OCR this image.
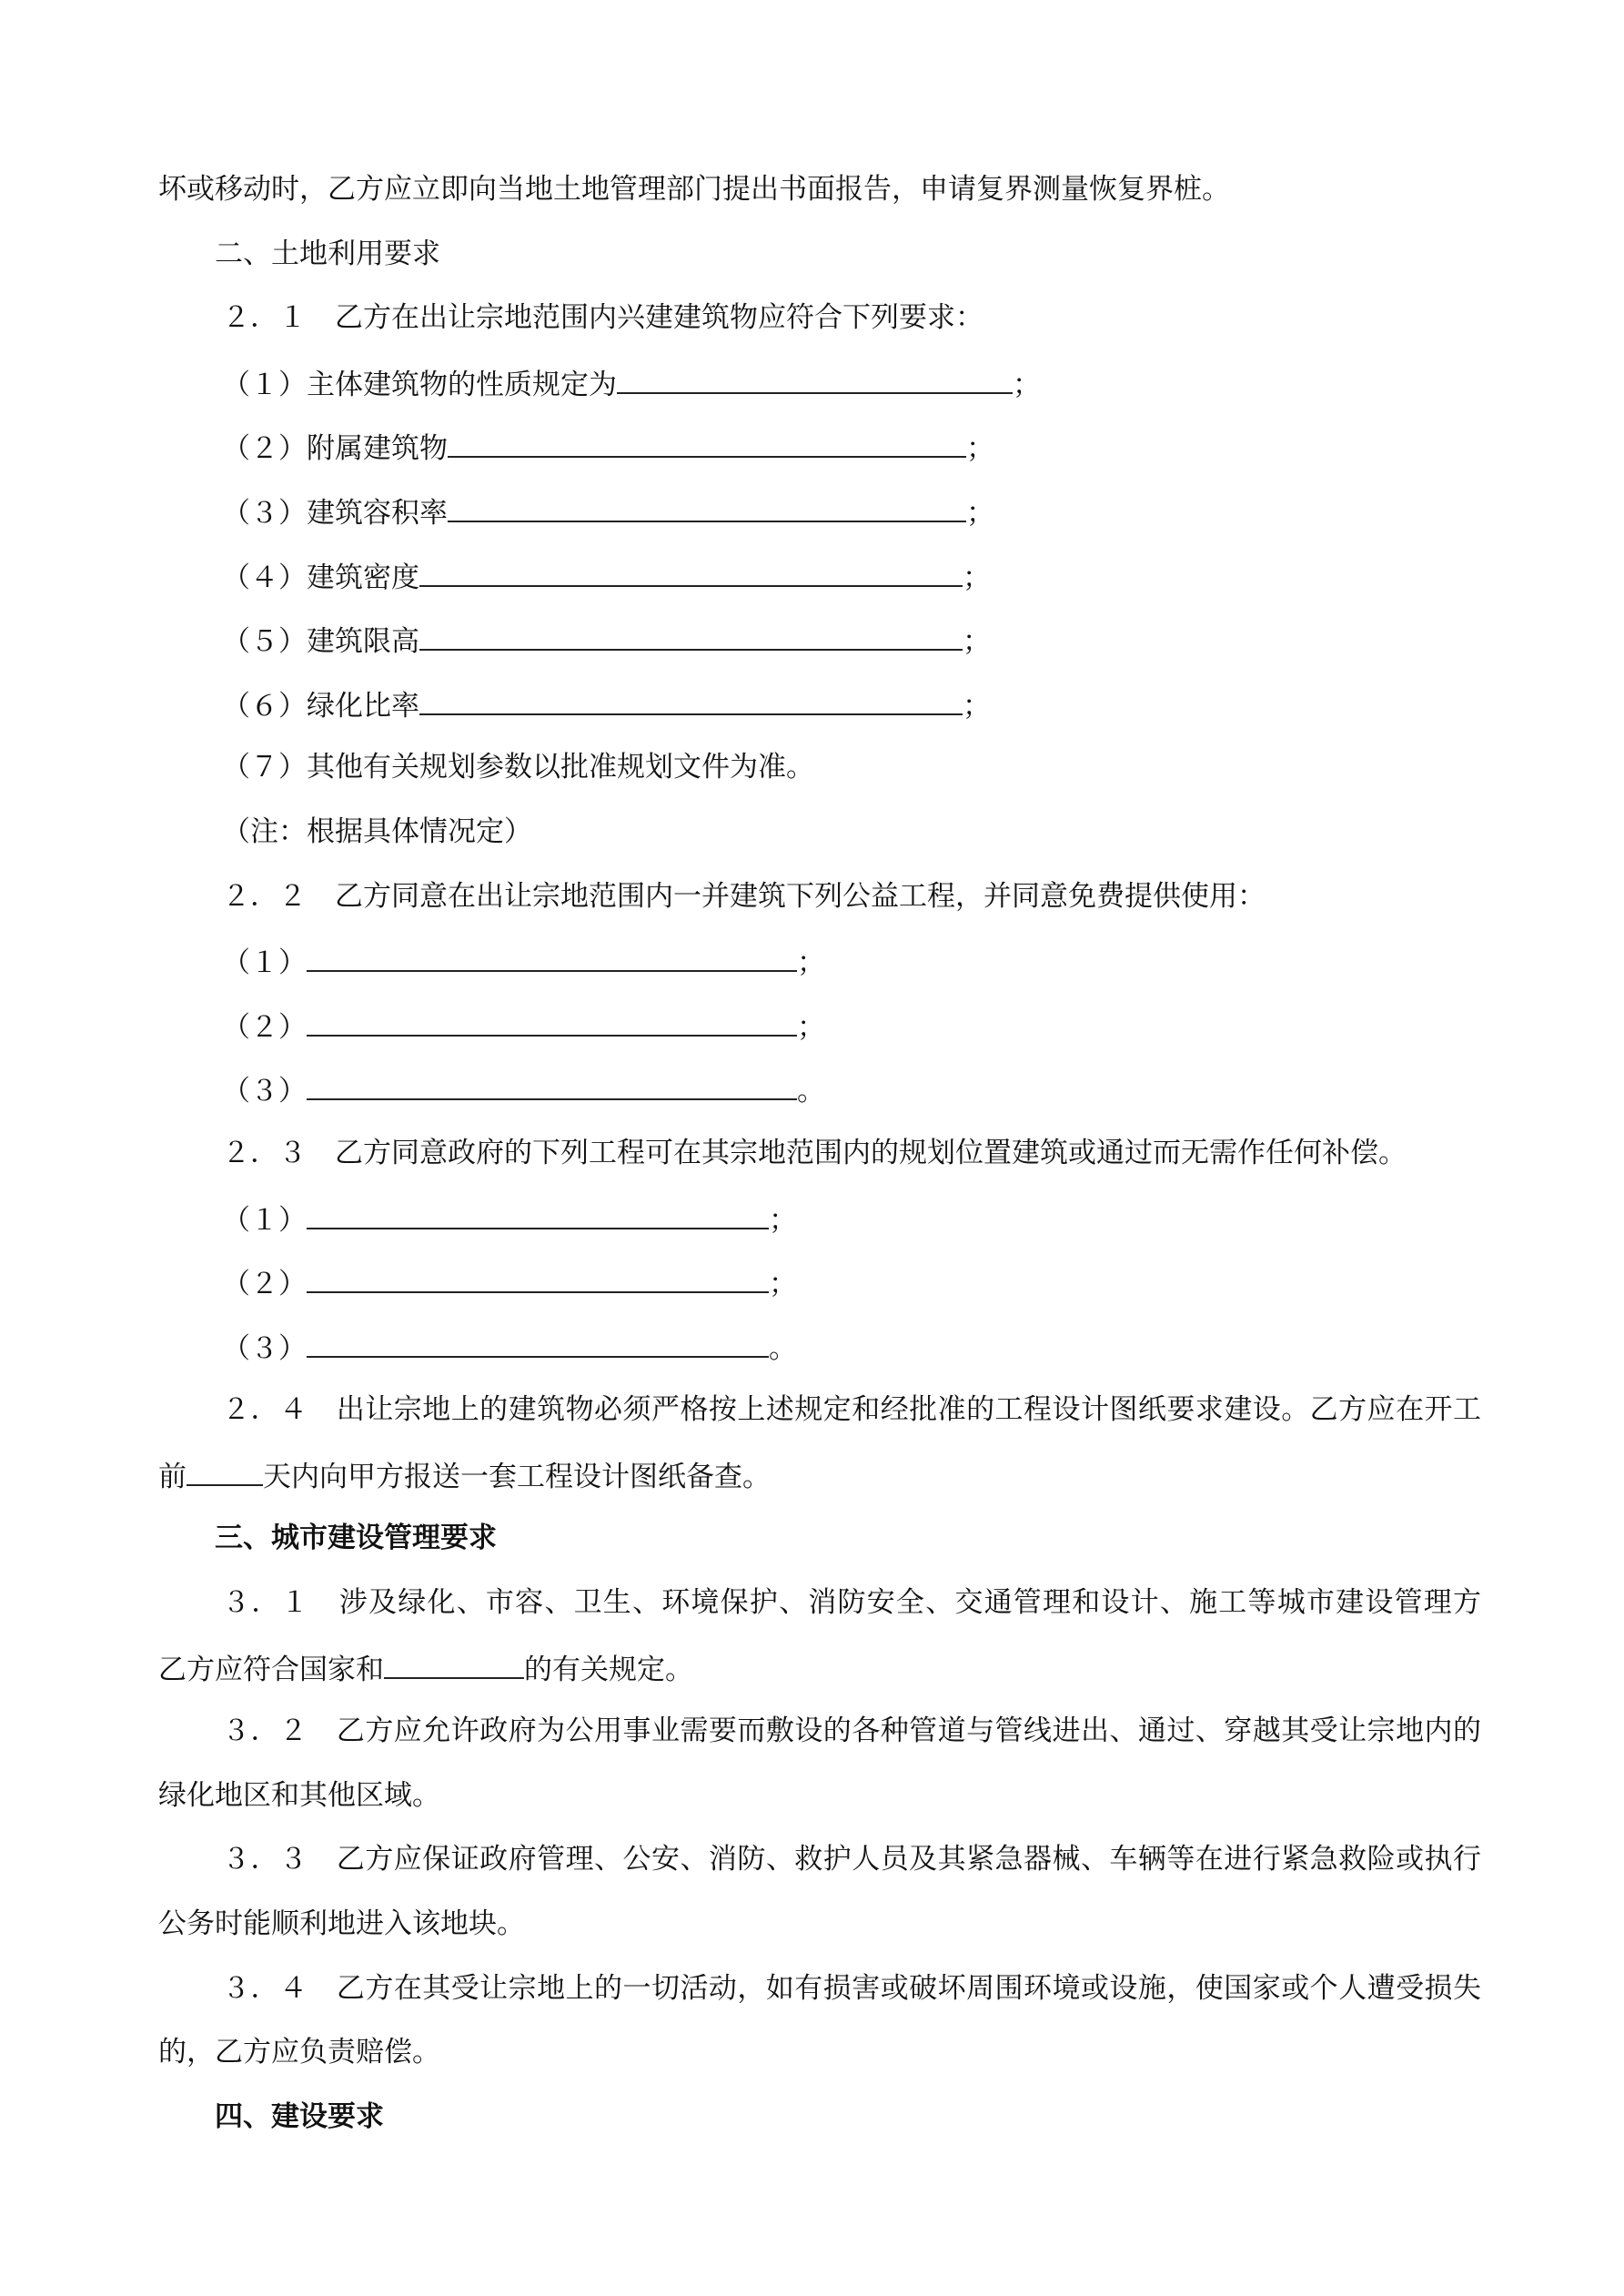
坏或移动时，乙方应立即向当地土地管理部门提出书面报告，申请复界测量恢复界桩。
二、土地利用要求
２．１　乙方在出让宗地范围内兴建建筑物应符合下列要求：
（１）主体建筑物的性质规定为	；
（２）附属建筑物	；
（３）建筑容积率	；
（４）建筑密度	；
（５）建筑限高	；
（６）绿化比率	；
（７）其他有关规划参数以批准规划文件为准。
（注：根据具体情况定）
２．２　乙方同意在出让宗地范围内一并建筑下列公益工程，并同意免费提供使用：
（１）	；
（２）	；
（３）	。
２．３　乙方同意政府的下列工程可在其宗地范围内的规划位置建筑或通过而无需作任何补偿。
（１）	；
（２）	；
（３）	。
２．４　出让宗地上的建筑物必须严格按上述规定和经批准的工程设计图纸要求建设。乙方应在开工
前	天内向甲方报送一套工程设计图纸备查。
三、城市建设管理要求
３．１　涉及绿化、市容、卫生、环境保护、消防安全、交通管理和设计、施工等城市建设管理方
乙方应符合国家和	的有关规定。
３．２　乙方应允许政府为公用事业需要而敷设的各种管道与管线进出、通过、穿越其受让宗地内的
绿化地区和其他区域。
３．３　乙方应保证政府管理、公安、消防、救护人员及其紧急器械、车辆等在进行紧急救险或执行
公务时能顺利地进入该地块。
３．４　乙方在其受让宗地上的一切活动，如有损害或破坏周围环境或设施，使国家或个人遭受损失
的，乙方应负责赔偿。
四、建设要求
